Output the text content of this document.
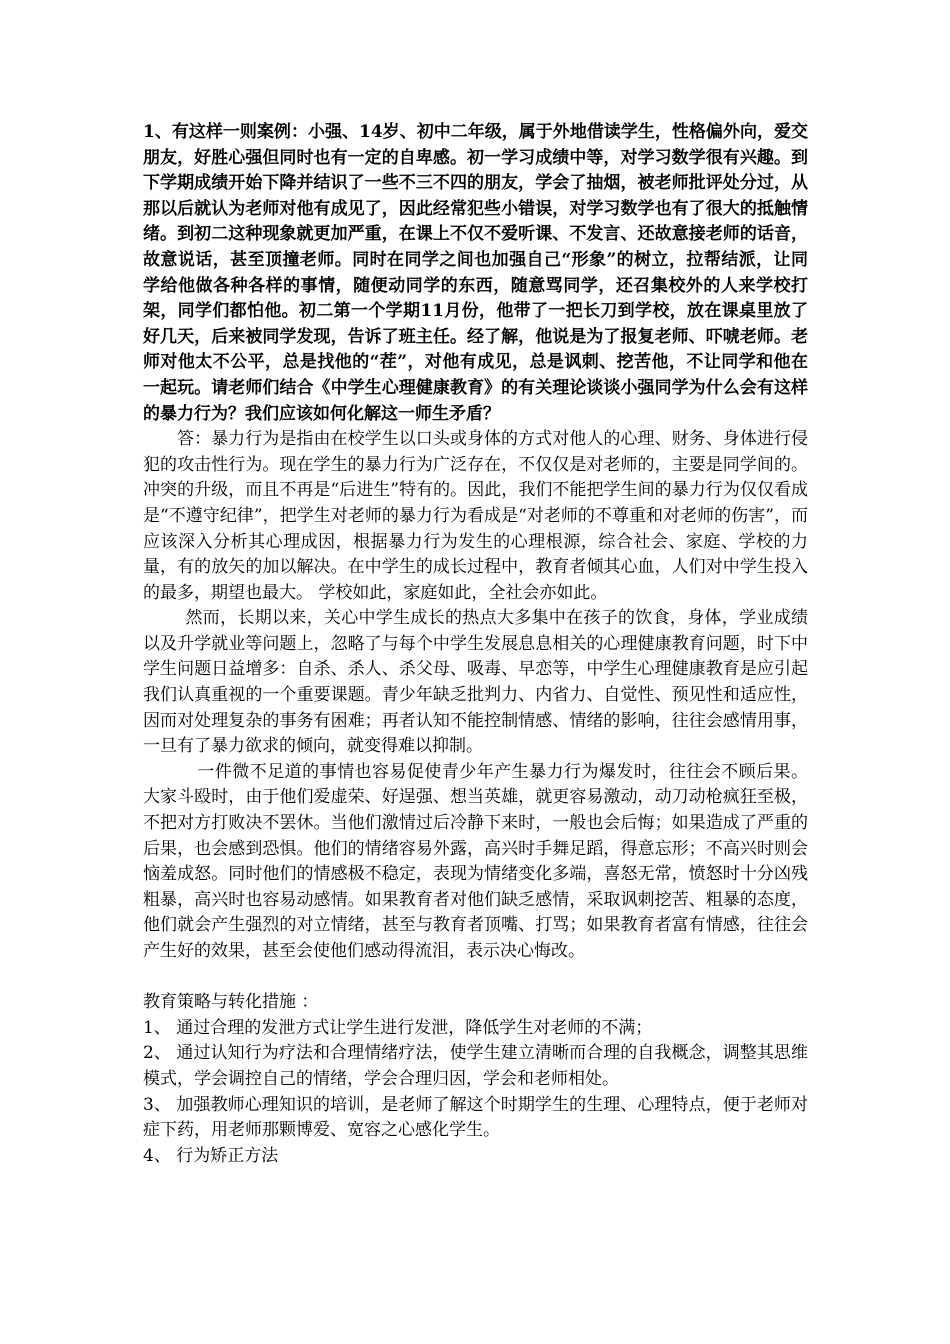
1、有这样一则案例：小强、14岁、初中二年级，属于外地借读学生，性格偏外向，爱交朋友，好胜心强但同时也有一定的自卑感。初一学习成绩中等，对学习数学很有兴趣。到下学期成绩开始下降并结识了一些不三不四的朋友，学会了抽烟，被老师批评处分过，从那以后就认为老师对他有成见了，因此经常犯些小错误，对学习数学也有了很大的抵触情绪。到初二这种现象就更加严重，在课上不仅不爱听课、不发言、还故意接老师的话音，故意说话，甚至顶撞老师。同时在同学之间也加强自己“形象”的树立，拉帮结派，让同学给他做各种各样的事情，随便动同学的东西，随意骂同学，还召集校外的人来学校打架，同学们都怕他。初二第一个学期11月份，他带了一把长刀到学校，放在课桌里放了好几天，后来被同学发现，告诉了班主任。经了解，他说是为了报复老师、吓唬老师。老师对他太不公平，总是找他的“茬”，对他有成见，总是讽刺、挖苦他，不让同学和他在一起玩。请老师们结合《中学生心理健康教育》的有关理论谈谈小强同学为什么会有这样的暴力行为？我们应该如何化解这一师生矛盾？

答：暴力行为是指由在校学生以口头或身体的方式对他人的心理、财务、身体进行侵犯的攻击性行为。现在学生的暴力行为广泛存在，不仅仅是对老师的，主要是同学间的。冲突的升级，而且不再是“后进生”特有的。因此，我们不能把学生间的暴力行为仅仅看成是“不遵守纪律”，把学生对老师的暴力行为看成是“对老师的不尊重和对老师的伤害”，而应该深入分析其心理成因，根据暴力行为发生的心理根源，综合社会、家庭、学校的力量，有的放矢的加以解决。在中学生的成长过程中，教育者倾其心血，人们对中学生投入的最多，期望也最大。 学校如此，家庭如此，全社会亦如此。

然而，长期以来，关心中学生成长的热点大多集中在孩子的饮食，身体，学业成绩以及升学就业等问题上，忽略了与每个中学生发展息息相关的心理健康教育问题，时下中学生问题日益增多：自杀、杀人、杀父母、吸毒、早恋等，中学生心理健康教育是应引起我们认真重视的一个重要课题。青少年缺乏批判力、内省力、自觉性、预见性和适应性，因而对处理复杂的事务有困难；再者认知不能控制情感、情绪的影响，往往会感情用事，一旦有了暴力欲求的倾向，就变得难以抑制。

一件微不足道的事情也容易促使青少年产生暴力行为爆发时，往往会不顾后果。大家斗殴时，由于他们爱虚荣、好逞强、想当英雄，就更容易激动，动刀动枪疯狂至极，不把对方打败决不罢休。当他们激情过后冷静下来时，一般也会后悔；如果造成了严重的后果，也会感到恐惧。他们的情绪容易外露，高兴时手舞足蹈，得意忘形；不高兴时则会恼羞成怒。同时他们的情感极不稳定，表现为情绪变化多端，喜怒无常，愤怒时十分凶残粗暴，高兴时也容易动感情。如果教育者对他们缺乏感情，采取讽刺挖苦、粗暴的态度，他们就会产生强烈的对立情绪，甚至与教育者顶嘴、打骂；如果教育者富有情感，往往会产生好的效果，甚至会使他们感动得流泪，表示决心悔改。

教育策略与转化措施 ：

1、 通过合理的发泄方式让学生进行发泄，降低学生对老师的不满；

2、 通过认知行为疗法和合理情绪疗法，使学生建立清晰而合理的自我概念，调整其思维模式，学会调控自己的情绪，学会合理归因，学会和老师相处。

3、 加强教师心理知识的培训，是老师了解这个时期学生的生理、心理特点，便于老师对症下药，用老师那颗博爱、宽容之心感化学生。

4、 行为矫正方法
